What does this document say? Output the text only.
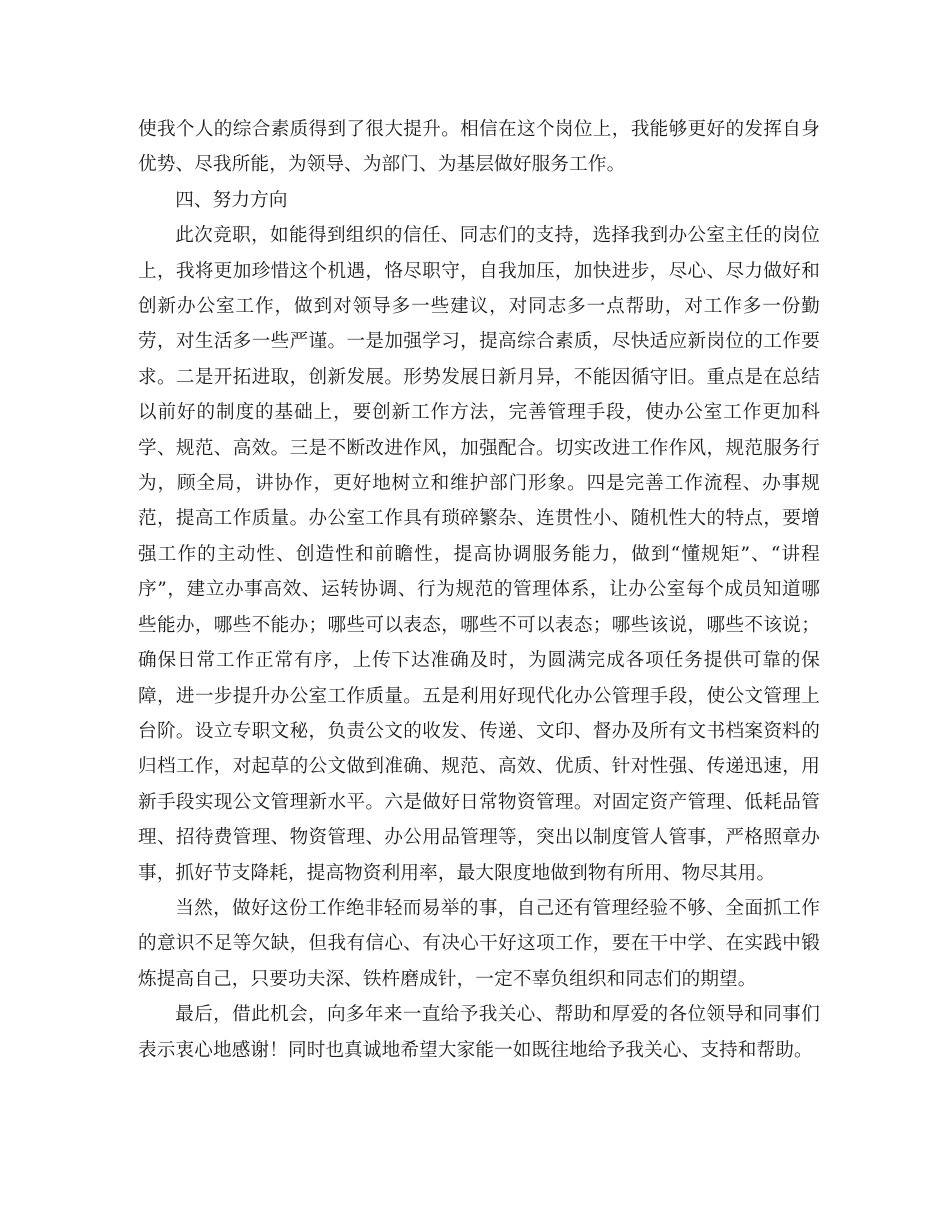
使我个人的综合素质得到了很大提升。相信在这个岗位上，我能够更好的发挥自身优势、尽我所能，为领导、为部门、为基层做好服务工作。

四、努力方向

此次竞职，如能得到组织的信任、同志们的支持，选择我到办公室主任的岗位上，我将更加珍惜这个机遇，恪尽职守，自我加压，加快进步，尽心、尽力做好和创新办公室工作，做到对领导多一些建议，对同志多一点帮助，对工作多一份勤劳，对生活多一些严谨。一是加强学习，提高综合素质，尽快适应新岗位的工作要求。二是开拓进取，创新发展。形势发展日新月异，不能因循守旧。重点是在总结以前好的制度的基础上，要创新工作方法，完善管理手段，使办公室工作更加科学、规范、高效。三是不断改进作风，加强配合。切实改进工作作风，规范服务行为，顾全局，讲协作，更好地树立和维护部门形象。四是完善工作流程、办事规范，提高工作质量。办公室工作具有琐碎繁杂、连贯性小、随机性大的特点，要增强工作的主动性、创造性和前瞻性，提高协调服务能力，做到“懂规矩”、“讲程序”，建立办事高效、运转协调、行为规范的管理体系，让办公室每个成员知道哪些能办，哪些不能办；哪些可以表态，哪些不可以表态；哪些该说，哪些不该说；确保日常工作正常有序，上传下达准确及时，为圆满完成各项任务提供可靠的保障，进一步提升办公室工作质量。五是利用好现代化办公管理手段，使公文管理上台阶。设立专职文秘，负责公文的收发、传递、文印、督办及所有文书档案资料的归档工作，对起草的公文做到准确、规范、高效、优质、针对性强、传递迅速，用新手段实现公文管理新水平。六是做好日常物资管理。对固定资产管理、低耗品管理、招待费管理、物资管理、办公用品管理等，突出以制度管人管事，严格照章办事，抓好节支降耗，提高物资利用率，最大限度地做到物有所用、物尽其用。

当然，做好这份工作绝非轻而易举的事，自己还有管理经验不够、全面抓工作的意识不足等欠缺，但我有信心、有决心干好这项工作，要在干中学、在实践中锻炼提高自己，只要功夫深、铁杵磨成针，一定不辜负组织和同志们的期望。

最后，借此机会，向多年来一直给予我关心、帮助和厚爱的各位领导和同事们表示衷心地感谢！同时也真诚地希望大家能一如既往地给予我关心、支持和帮助。
